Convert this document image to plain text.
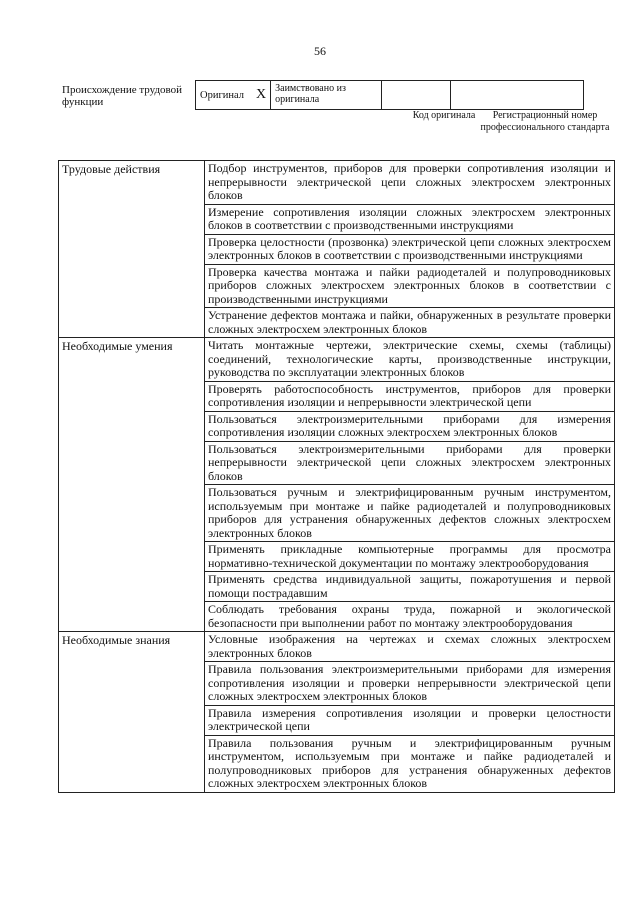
56
Происхождение трудовой функции
Оригинал X	Заимствовано из оригинала		
Код оригинала	Регистрационный номер профессионального стандарта
Трудовые действия	Подбор инструментов, приборов для проверки сопротивления изоляции и непрерывности электрической цепи сложных электросхем электронных блоков
	Измерение сопротивления изоляции сложных электросхем электронных блоков в соответствии с производственными инструкциями
	Проверка целостности (прозвонка) электрической цепи сложных электросхем электронных блоков в соответствии с производственными инструкциями
	Проверка качества монтажа и пайки радиодеталей и полупроводниковых приборов сложных электросхем электронных блоков в соответствии с производственными инструкциями
	Устранение дефектов монтажа и пайки, обнаруженных в результате проверки сложных электросхем электронных блоков
Необходимые умения	Читать монтажные чертежи, электрические схемы, схемы (таблицы) соединений, технологические карты, производственные инструкции, руководства по эксплуатации электронных блоков
	Проверять работоспособность инструментов, приборов для проверки сопротивления изоляции и непрерывности электрической цепи
	Пользоваться электроизмерительными приборами для измерения сопротивления изоляции сложных электросхем электронных блоков
	Пользоваться электроизмерительными приборами для проверки непрерывности электрической цепи сложных электросхем электронных блоков
	Пользоваться ручным и электрифицированным ручным инструментом, используемым при монтаже и пайке радиодеталей и полупроводниковых приборов для устранения обнаруженных дефектов сложных электросхем электронных блоков
	Применять прикладные компьютерные программы для просмотра нормативно-технической документации по монтажу электрооборудования
	Применять средства индивидуальной защиты, пожаротушения и первой помощи пострадавшим
	Соблюдать требования охраны труда, пожарной и экологической безопасности при выполнении работ по монтажу электрооборудования
Необходимые знания	Условные изображения на чертежах и схемах сложных электросхем электронных блоков
	Правила пользования электроизмерительными приборами для измерения сопротивления изоляции и проверки непрерывности электрической цепи сложных электросхем электронных блоков
	Правила измерения сопротивления изоляции и проверки целостности электрической цепи
	Правила пользования ручным и электрифицированным ручным инструментом, используемым при монтаже и пайке радиодеталей и полупроводниковых приборов для устранения обнаруженных дефектов сложных электросхем электронных блоков
